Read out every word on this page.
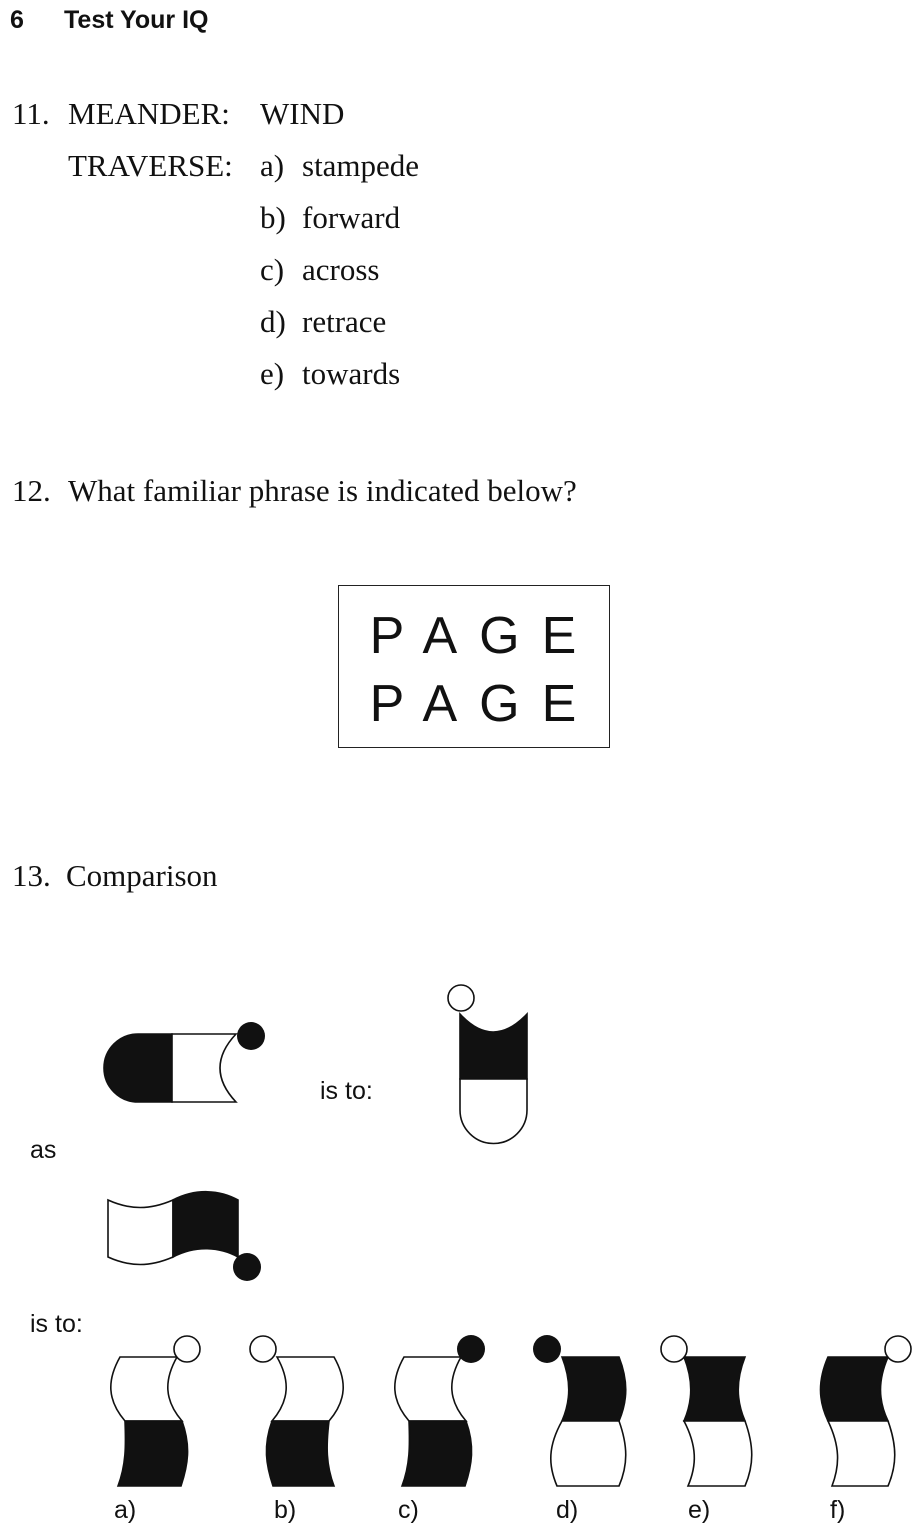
6 Test Your IQ
11. MEANDER: WIND
TRAVERSE: a) stampede
b) forward
c) across
d) retrace
e) towards
12. What familiar phrase is indicated below?
PAGE
PAGE
13. Comparison
is to:
as
is to:
a)	b)	c)	d)	e)	f)
